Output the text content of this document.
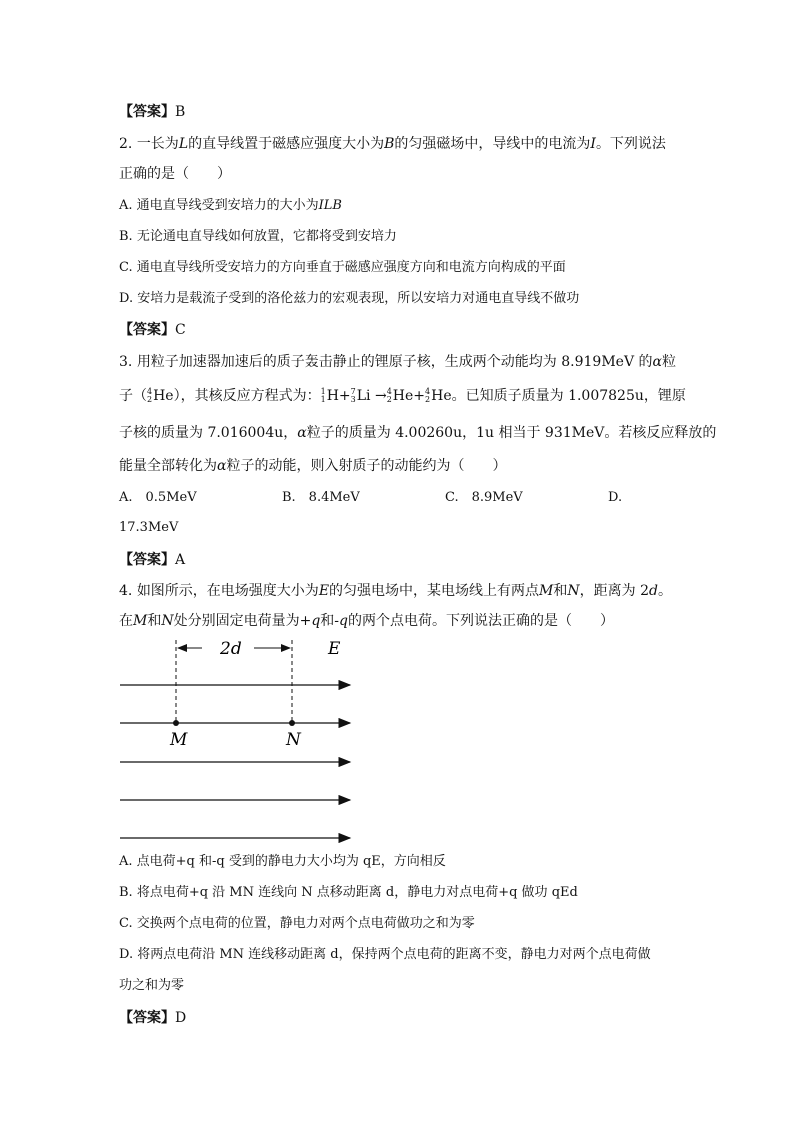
【答案】B
2. 一长为L的直导线置于磁感应强度大小为B的匀强磁场中，导线中的电流为I。下列说法
正确的是（　　）
A. 通电直导线受到安培力的大小为ILB
B. 无论通电直导线如何放置，它都将受到安培力
C. 通电直导线所受安培力的方向垂直于磁感应强度方向和电流方向构成的平面
D. 安培力是载流子受到的洛伦兹力的宏观表现，所以安培力对通电直导线不做功
【答案】C
3. 用粒子加速器加速后的质子轰击静止的锂原子核，生成两个动能均为 8.919MeV 的α粒
子（ 4
2 He），其核反应方程式为： 1
1 H+ 7
3 Li → 4
2 He+ 4
2 He。已知质子质量为 1.007825u，锂原
子核的质量为 7.016004u，α粒子的质量为 4.00260u，1u 相当于 931MeV。若核反应释放的
能量全部转化为α粒子的动能，则入射质子的动能约为（　　）
A.　0.5MeV	B.　8.4MeV	C.　8.9MeV	D.
17.3MeV
【答案】A
4. 如图所示，在电场强度大小为E的匀强电场中，某电场线上有两点M和N，距离为 2d。
在M和N处分别固定电荷量为+q和-q的两个点电荷。下列说法正确的是（　　）
2d	E
M	N
A. 点电荷+q 和-q 受到的静电力大小均为 qE，方向相反
B. 将点电荷+q 沿 MN 连线向 N 点移动距离 d，静电力对点电荷+q 做功 qEd
C. 交换两个点电荷的位置，静电力对两个点电荷做功之和为零
D. 将两点电荷沿 MN 连线移动距离 d，保持两个点电荷的距离不变，静电力对两个点电荷做
功之和为零
【答案】D
